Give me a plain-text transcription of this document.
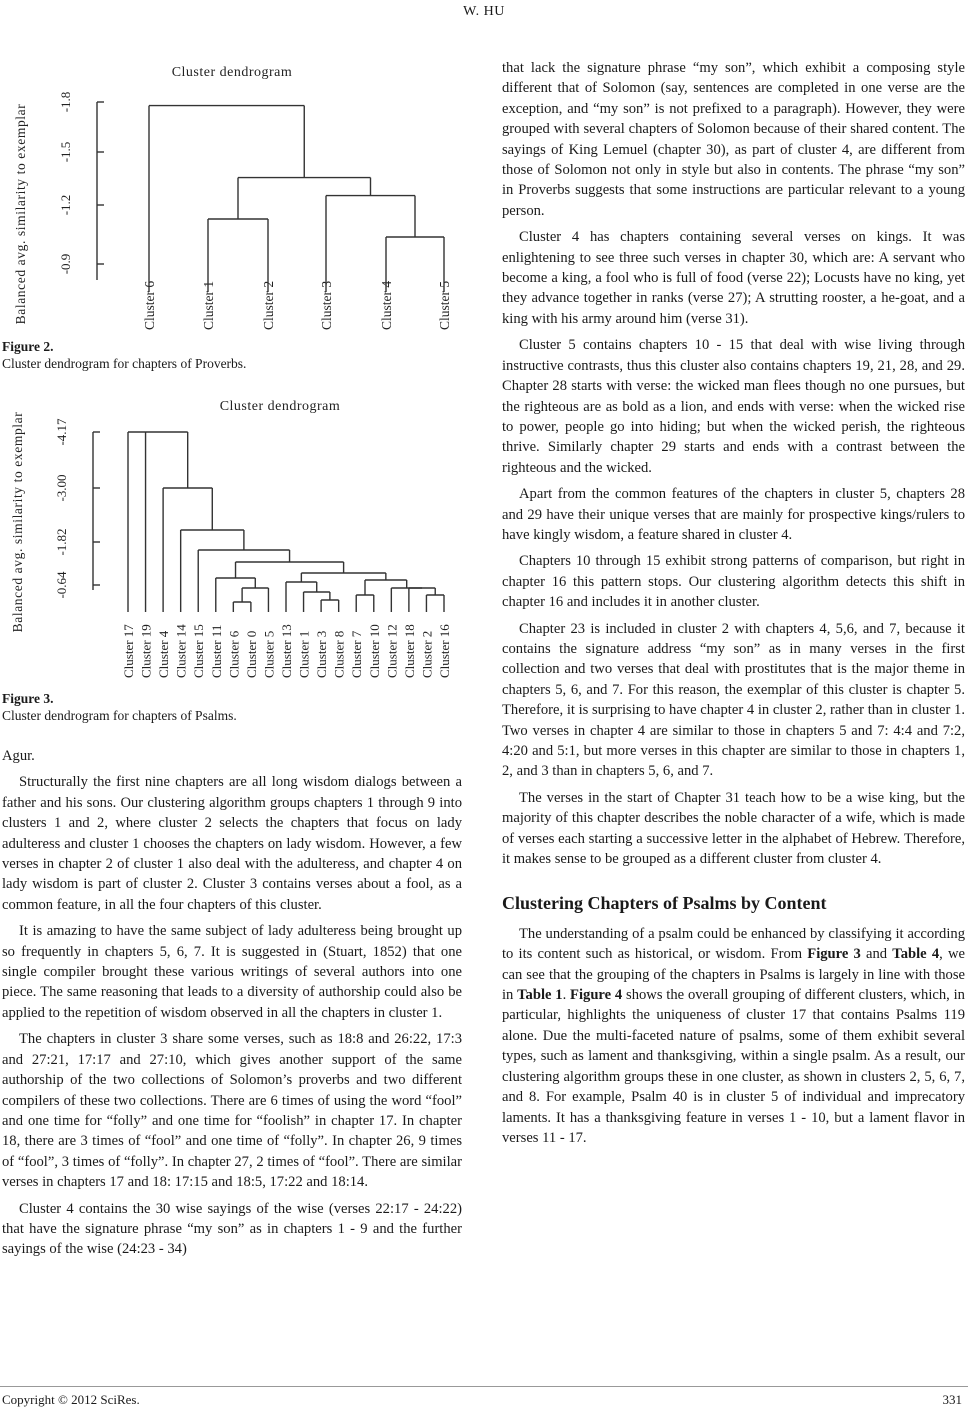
W. HU
Cluster dendrogram
Balanced avg. similarity to exemplar -0.9
-1.2
-1.5
-1.8
Cluster 6	Cluster 1	Cluster 2	Cluster 3	Cluster 4	Cluster 5
Figure 2.
Cluster dendrogram for chapters of Proverbs.
Cluster dendrogram
Balanced avg. similarity to exemplar -0.64
-1.82
-3.00
-4.17
Cluster 17 Cluster 19 Cluster 4 Cluster 14 Cluster 15 Cluster 11 Cluster 6 Cluster 0 Cluster 5 Cluster 13 Cluster 1 Cluster 3 Cluster 8 Cluster 7 Cluster 10 Cluster 12 Cluster 18 Cluster 2 Cluster 16
Figure 3.
Cluster dendrogram for chapters of Psalms.

Agur.

Structurally the first nine chapters are all long wisdom dialogs between a father and his sons. Our clustering algorithm groups chapters 1 through 9 into clusters 1 and 2, where cluster 2 selects the chapters that focus on lady adulteress and cluster 1 chooses the chapters on lady wisdom. However, a few verses in chapter 2 of cluster 1 also deal with the adulteress, and chapter 4 on lady wisdom is part of cluster 2. Cluster 3 contains verses about a fool, as a common feature, in all the four chapters of this cluster.

It is amazing to have the same subject of lady adulteress being brought up so frequently in chapters 5, 6, 7. It is suggested in (Stuart, 1852) that one single compiler brought these various writings of several authors into one piece. The same reasoning that leads to a diversity of authorship could also be applied to the repetition of wisdom observed in all the chapters in cluster 1.

The chapters in cluster 3 share some verses, such as 18:8 and 26:22, 17:3 and 27:21, 17:17 and 27:10, which gives another support of the same authorship of the two collections of Solomon’s proverbs and two different compilers of these two collections. There are 6 times of using the word “fool” and one time for “folly” and one time for “foolish” in chapter 17. In chapter 18, there are 3 times of “fool” and one time of “folly”. In chapter 26, 9 times of “fool”, 3 times of “folly”. In chapter 27, 2 times of “fool”. There are similar verses in chapters 17 and 18: 17:15 and 18:5, 17:22 and 18:14.

Cluster 4 contains the 30 wise sayings of the wise (verses 22:17 - 24:22) that have the signature phrase “my son” as in chapters 1 - 9 and the further sayings of the wise (24:23 - 34)

that lack the signature phrase “my son”, which exhibit a composing style different that of Solomon (say, sentences are completed in one verse are the exception, and “my son” is not prefixed to a paragraph). However, they were grouped with several chapters of Solomon because of their shared content. The sayings of King Lemuel (chapter 30), as part of cluster 4, are different from those of Solomon not only in style but also in contents. The phrase “my son” in Proverbs suggests that some instructions are particular relevant to a young person.

Cluster 4 has chapters containing several verses on kings. It was enlightening to see three such verses in chapter 30, which are: A servant who become a king, a fool who is full of food (verse 22); Locusts have no king, yet they advance together in ranks (verse 27); A strutting rooster, a he-goat, and a king with his army around him (verse 31).

Cluster 5 contains chapters 10 - 15 that deal with wise living through instructive contrasts, thus this cluster also contains chapters 19, 21, 28, and 29. Chapter 28 starts with verse: the wicked man flees though no one pursues, but the righteous are as bold as a lion, and ends with verse: when the wicked rise to power, people go into hiding; but when the wicked perish, the righteous thrive. Similarly chapter 29 starts and ends with a contrast between the righteous and the wicked.

Apart from the common features of the chapters in cluster 5, chapters 28 and 29 have their unique verses that are mainly for prospective kings/rulers to have kingly wisdom, a feature shared in cluster 4.

Chapters 10 through 15 exhibit strong patterns of comparison, but right in chapter 16 this pattern stops. Our clustering algorithm detects this shift in chapter 16 and includes it in another cluster.

Chapter 23 is included in cluster 2 with chapters 4, 5,6, and 7, because it contains the signature address “my son” as in many verses in the first collection and two verses that deal with prostitutes that is the major theme in chapters 5, 6, and 7. For this reason, the exemplar of this cluster is chapter 5. Therefore, it is surprising to have chapter 4 in cluster 2, rather than in cluster 1. Two verses in chapter 4 are similar to those in chapters 5 and 7: 4:4 and 7:2, 4:20 and 5:1, but more verses in this chapter are similar to those in chapters 1, 2, and 3 than in chapters 5, 6, and 7.

The verses in the start of Chapter 31 teach how to be a wise king, but the majority of this chapter describes the noble character of a wife, which is made of verses each starting a successive letter in the alphabet of Hebrew. Therefore, it makes sense to be grouped as a different cluster from cluster 4.

Clustering Chapters of Psalms by Content

The understanding of a psalm could be enhanced by classifying it according to its content such as historical, or wisdom. From Figure 3 and Table 4, we can see that the grouping of the chapters in Psalms is largely in line with those in Table 1. Figure 4 shows the overall grouping of different clusters, which, in particular, highlights the uniqueness of cluster 17 that contains Psalms 119 alone. Due the multi-faceted nature of psalms, some of them exhibit several types, such as lament and thanksgiving, within a single psalm. As a result, our clustering algorithm groups these in one cluster, as shown in clusters 2, 5, 6, 7, and 8. For example, Psalm 40 is in cluster 5 of individual and imprecatory laments. It has a thanksgiving feature in verses 1 - 10, but a lament flavor in verses 11 - 17.

Copyright © 2012 SciRes.	331
